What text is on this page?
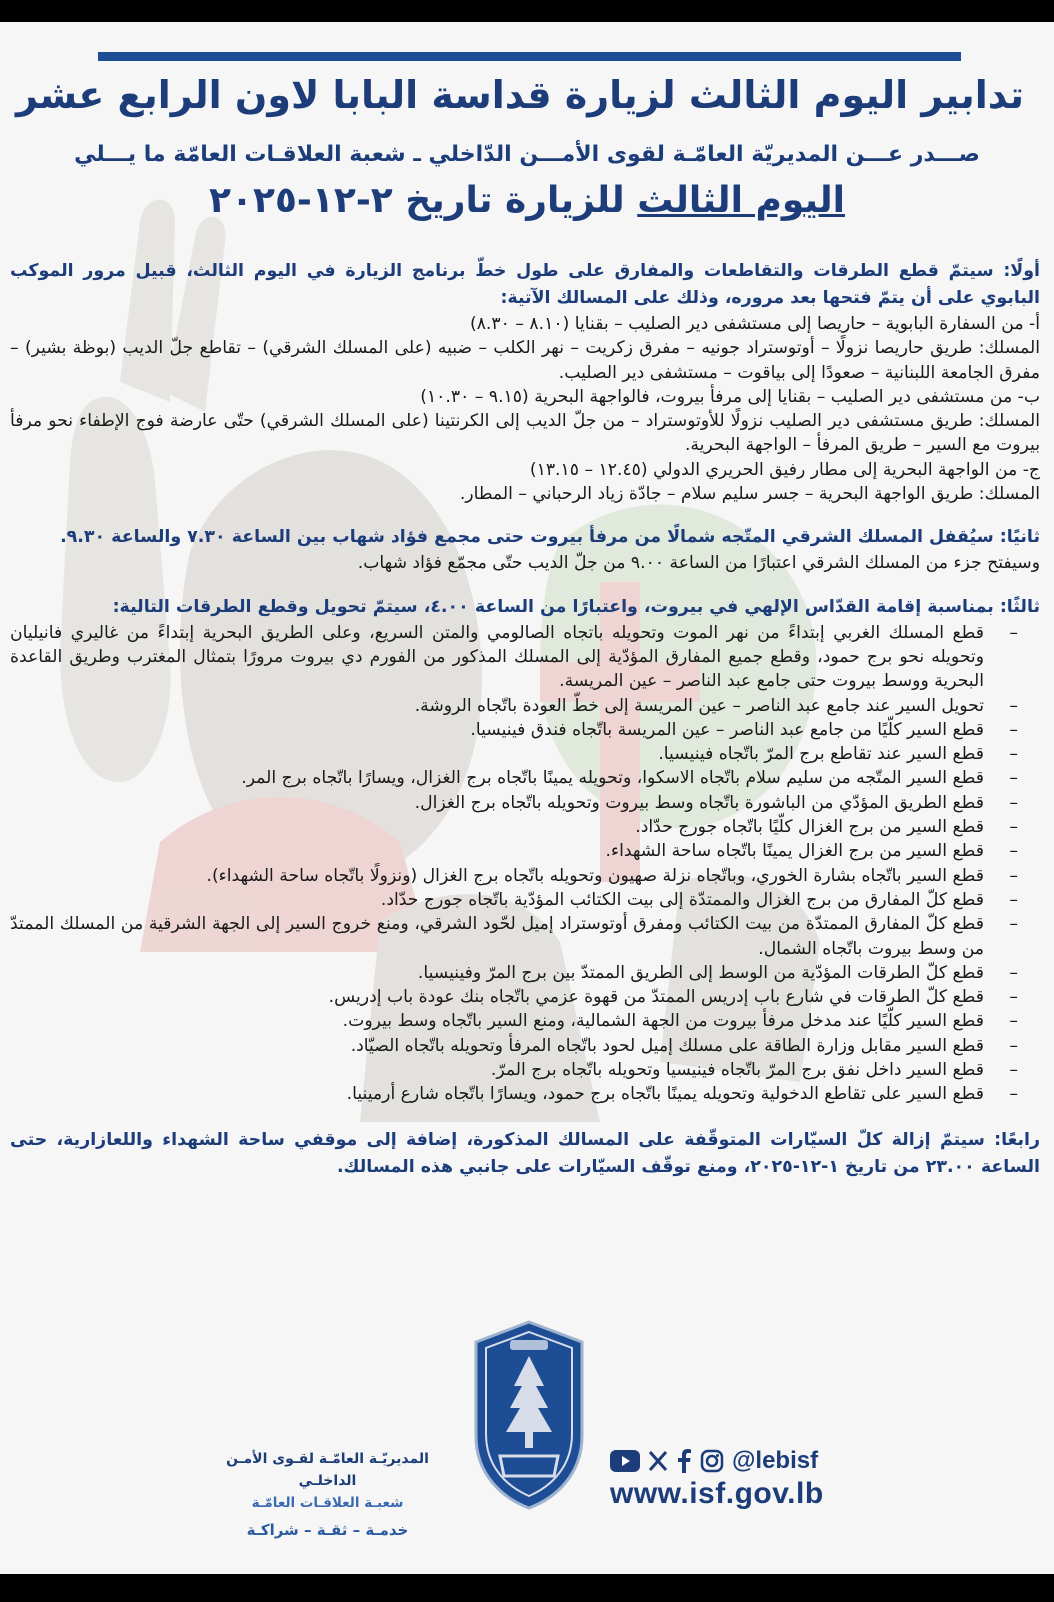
تدابير اليوم الثالث لزيارة قداسة البابا لاون الرابع عشر
صـــدر عـــن المديريّة العامّـة لقوى الأمـــن الدّاخلي ـ شعبة العلاقـات العامّة ما يـــلي
اليوم الثالث للزيارة تاريخ ٢-١٢-٢٠٢٥

أولًا: سيتمّ قطع الطرقات والتقاطعات والمفارق على طول خطّ برنامج الزيارة في اليوم الثالث، قبيل مرور الموكب البابوي على أن يتمّ فتحها بعد مروره، وذلك على المسالك الآتية:

أ- من السفارة البابوية – حاريصا إلى مستشفى دير الصليب – بقنايا (٨.١٠ – ٨.٣٠)

المسلك: طريق حاريصا نزولًا – أوتوستراد جونيه – مفرق زكريت – نهر الكلب – ضبيه (على المسلك الشرقي) – تقاطع جلّ الديب (بوظة بشير) – مفرق الجامعة اللبنانية – صعودًا إلى بياقوت – مستشفى دير الصليب.

ب- من مستشفى دير الصليب – بقنايا إلى مرفأ بيروت، فالواجهة البحرية (٩.١٥ – ١٠.٣٠)

المسلك: طريق مستشفى دير الصليب نزولًا للأوتوستراد – من جلّ الديب إلى الكرنتينا (على المسلك الشرقي) حتّى عارضة فوج الإطفاء نحو مرفأ بيروت مع السير – طريق المرفأ – الواجهة البحرية.

ج- من الواجهة البحرية إلى مطار رفيق الحريري الدولي (١٢.٤٥ – ١٣.١٥)

المسلك: طريق الواجهة البحرية – جسر سليم سلام – جادّة زياد الرحباني – المطار.

ثانيًا: سيُقفل المسلك الشرقي المتّجه شمالًا من مرفأ بيروت حتى مجمع فؤاد شهاب بين الساعة ٧.٣٠ والساعة ٩.٣٠.

وسيفتح جزء من المسلك الشرقي اعتبارًا من الساعة ٩.٠٠ من جلّ الديب حتّى مجمّع فؤاد شهاب.

ثالثًا: بمناسبة إقامة القدّاس الإلهي في بيروت، واعتبارًا من الساعة ٤.٠٠، سيتمّ تحويل وقطع الطرقات التالية:

– قطع المسلك الغربي إبتداءً من نهر الموت وتحويله باتجاه الصالومي والمتن السريع، وعلى الطريق البحرية إبتداءً من غاليري فانيليان وتحويله نحو برج حمود، وقطع جميع المفارق المؤدّية إلى المسلك المذكور من الفورم دي بيروت مرورًا بتمثال المغترب وطريق القاعدة البحرية ووسط بيروت حتى جامع عبد الناصر – عين المريسة.
– تحويل السير عند جامع عبد الناصر – عين المريسة إلى خطّ العودة باتّجاه الروشة.
– قطع السير كلّيًا من جامع عبد الناصر – عين المريسة باتّجاه فندق فينيسيا.
– قطع السير عند تقاطع برج المرّ باتّجاه فينيسيا.
– قطع السير المتّجه من سليم سلام باتّجاه الاسكوا، وتحويله يمينًا باتّجاه برج الغزال، ويسارًا باتّجاه برج المر.
– قطع الطريق المؤدّي من الباشورة باتّجاه وسط بيروت وتحويله باتّجاه برج الغزال.
– قطع السير من برج الغزال كلّيًا باتّجاه جورج حدّاد.
– قطع السير من برج الغزال يمينًا باتّجاه ساحة الشهداء.
– قطع السير باتّجاه بشارة الخوري، وباتّجاه نزلة صهيون وتحويله باتّجاه برج الغزال (ونزولًا باتّجاه ساحة الشهداء).
– قطع كلّ المفارق من برج الغزال والممتدّة إلى بيت الكتائب المؤدّية باتّجاه جورج حدّاد.
– قطع كلّ المفارق الممتدّة من بيت الكتائب ومفرق أوتوستراد إميل لحّود الشرقي، ومنع خروج السير إلى الجهة الشرقية من المسلك الممتدّ من وسط بيروت باتّجاه الشمال.
– قطع كلّ الطرقات المؤدّية من الوسط إلى الطريق الممتدّ بين برج المرّ وفينيسيا.
– قطع كلّ الطرقات في شارع باب إدريس الممتدّ من قهوة عزمي باتّجاه بنك عودة باب إدريس.
– قطع السير كلّيًا عند مدخل مرفأ بيروت من الجهة الشمالية، ومنع السير باتّجاه وسط بيروت.
– قطع السير مقابل وزارة الطاقة على مسلك إميل لحود باتّجاه المرفأ وتحويله باتّجاه الصيّاد.
– قطع السير داخل نفق برج المرّ باتّجاه فينيسيا وتحويله باتّجاه برج المرّ.
– قطع السير على تقاطع الدخولية وتحويله يمينًا باتّجاه برج حمود، ويسارًا باتّجاه شارع أرمينيا.

رابعًا: سيتمّ إزالة كلّ السيّارات المتوقّفة على المسالك المذكورة، إضافة إلى موقفي ساحة الشهداء واللعازارية، حتى الساعة ٢٣.٠٠ من تاريخ ١-١٢-٢٠٢٥، ومنع توقّف السيّارات على جانبي هذه المسالك.

المديريّـة العامّـة لقـوى الأمـن الداخلـي
شعبـة العلاقـات العامّـة
خدمـة – ثقـة – شراكـة
@lebisf
www.isf.gov.lb
